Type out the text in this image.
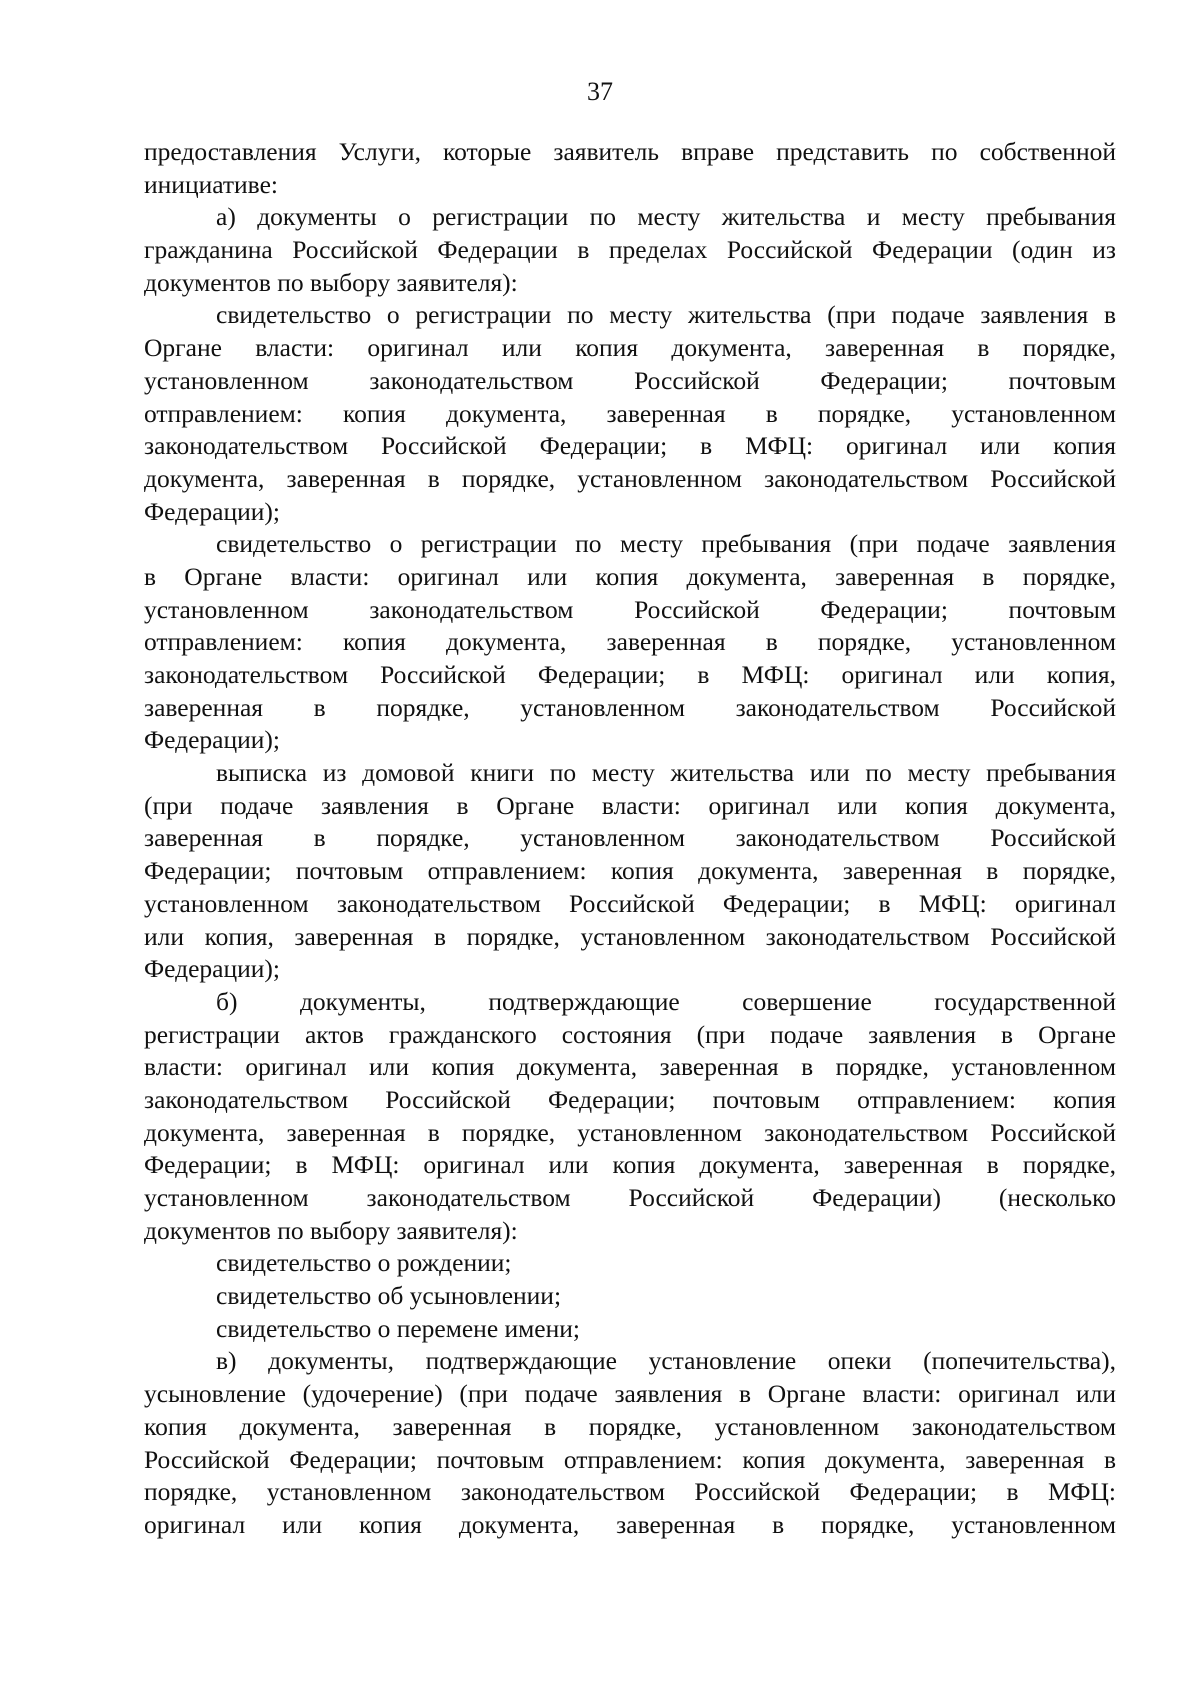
37
предоставления Услуги, которые заявитель вправе представить по собственной
инициативе:
а) документы о регистрации по месту жительства и месту пребывания
гражданина Российской Федерации в пределах Российской Федерации (один из
документов по выбору заявителя):
свидетельство о регистрации по месту жительства (при подаче заявления в
Органе власти: оригинал или копия документа, заверенная в порядке,
установленном законодательством Российской Федерации; почтовым
отправлением: копия документа, заверенная в порядке, установленном
законодательством Российской Федерации; в МФЦ: оригинал или копия
документа, заверенная в порядке, установленном законодательством Российской
Федерации);
свидетельство о регистрации по месту пребывания (при подаче заявления
в Органе власти: оригинал или копия документа, заверенная в порядке,
установленном законодательством Российской Федерации; почтовым
отправлением: копия документа, заверенная в порядке, установленном
законодательством Российской Федерации; в МФЦ: оригинал или копия,
заверенная в порядке, установленном законодательством Российской
Федерации);
выписка из домовой книги по месту жительства или по месту пребывания
(при подаче заявления в Органе власти: оригинал или копия документа,
заверенная в порядке, установленном законодательством Российской
Федерации; почтовым отправлением: копия документа, заверенная в порядке,
установленном законодательством Российской Федерации; в МФЦ: оригинал
или копия, заверенная в порядке, установленном законодательством Российской
Федерации);
б) документы, подтверждающие совершение государственной
регистрации актов гражданского состояния (при подаче заявления в Органе
власти: оригинал или копия документа, заверенная в порядке, установленном
законодательством Российской Федерации; почтовым отправлением: копия
документа, заверенная в порядке, установленном законодательством Российской
Федерации; в МФЦ: оригинал или копия документа, заверенная в порядке,
установленном законодательством Российской Федерации) (несколько
документов по выбору заявителя):
свидетельство о рождении;
свидетельство об усыновлении;
свидетельство о перемене имени;
в) документы, подтверждающие установление опеки (попечительства),
усыновление (удочерение) (при подаче заявления в Органе власти: оригинал или
копия документа, заверенная в порядке, установленном законодательством
Российской Федерации; почтовым отправлением: копия документа, заверенная в
порядке, установленном законодательством Российской Федерации; в МФЦ:
оригинал или копия документа, заверенная в порядке, установленном
